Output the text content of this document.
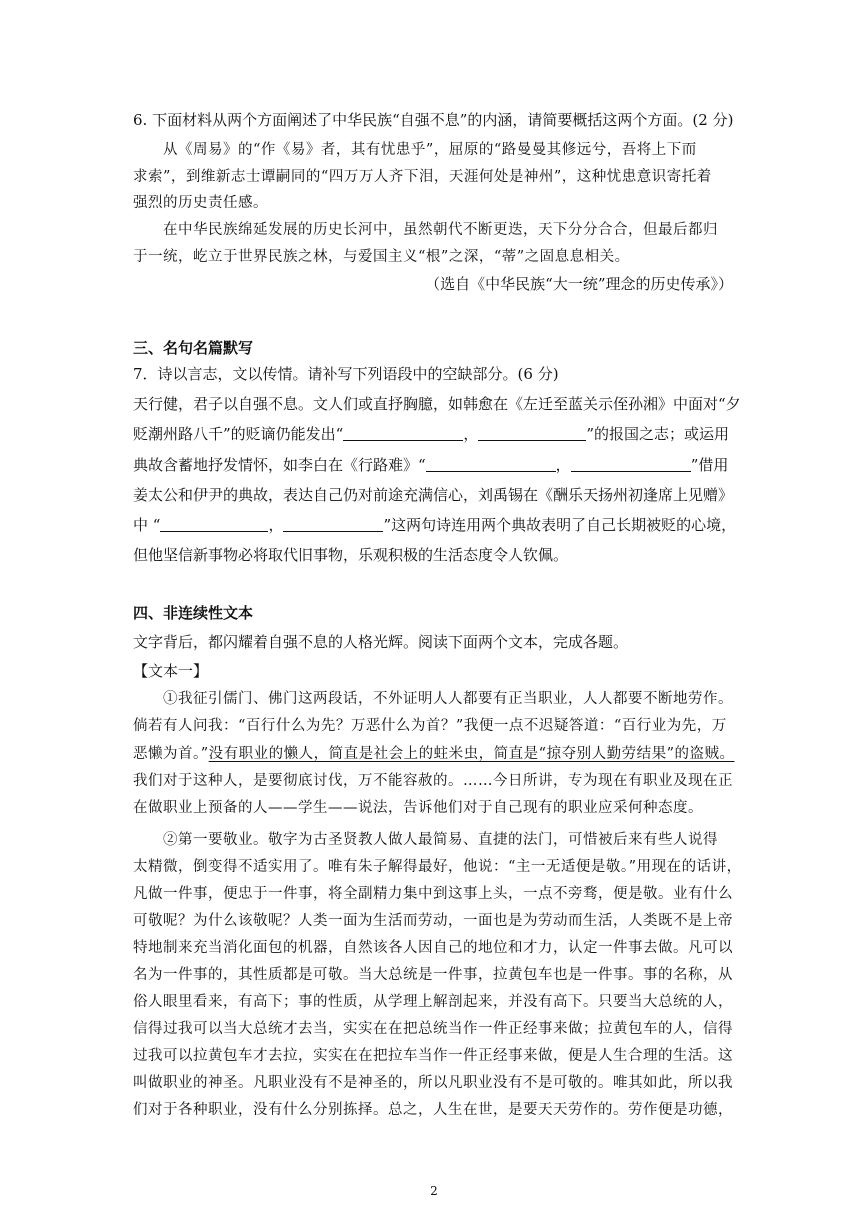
6. 下面材料从两个方面阐述了中华民族“自强不息”的内涵，请简要概括这两个方面。(2 分)
从《周易》的“作《易》者，其有忧患乎”，屈原的“路曼曼其修远兮，吾将上下而
求索”，到维新志士谭嗣同的“四万万人齐下泪，天涯何处是神州”，这种忧患意识寄托着
强烈的历史责任感。
在中华民族绵延发展的历史长河中，虽然朝代不断更迭，天下分分合合，但最后都归
于一统，屹立于世界民族之林，与爱国主义“根”之深，“蒂”之固息息相关。
（选自《中华民族“大一统”理念的历史传承》）
三、名句名篇默写
7．诗以言志，文以传情。请补写下列语段中的空缺部分。(6 分)
天行健，君子以自强不息。文人们或直抒胸臆，如韩愈在《左迁至蓝关示侄孙湘》中面对“夕
贬潮州路八千”的贬谪仍能发出“	，	”的报国之志；或运用
典故含蓄地抒发情怀，如李白在《行路难》“	，	”借用
姜太公和伊尹的典故，表达自己仍对前途充满信心，刘禹锡在《酬乐天扬州初逢席上见赠》
中 “	，	”这两句诗连用两个典故表明了自己长期被贬的心境，
但他坚信新事物必将取代旧事物，乐观积极的生活态度令人钦佩。
四、非连续性文本
文字背后，都闪耀着自强不息的人格光辉。阅读下面两个文本，完成各题。
【文本一】
①我征引儒门、佛门这两段话，不外证明人人都要有正当职业，人人都要不断地劳作。
倘若有人问我：“百行什么为先？万恶什么为首？”我便一点不迟疑答道：“百行业为先，万
恶懒为首。”没有职业的懒人，简直是社会上的蛀米虫，简直是“掠夺别人勤劳结果”的盗贼。
我们对于这种人，是要彻底讨伐，万不能容赦的。……今日所讲，专为现在有职业及现在正
在做职业上预备的人——学生——说法，告诉他们对于自己现有的职业应采何种态度。
②第一要敬业。敬字为古圣贤教人做人最简易、直捷的法门，可惜被后来有些人说得
太精微，倒变得不适实用了。唯有朱子解得最好，他说：“主一无适便是敬。”用现在的话讲，
凡做一件事，便忠于一件事，将全副精力集中到这事上头，一点不旁骛，便是敬。业有什么
可敬呢？为什么该敬呢？人类一面为生活而劳动，一面也是为劳动而生活，人类既不是上帝
特地制来充当消化面包的机器，自然该各人因自己的地位和才力，认定一件事去做。凡可以
名为一件事的，其性质都是可敬。当大总统是一件事，拉黄包车也是一件事。事的名称，从
俗人眼里看来，有高下；事的性质，从学理上解剖起来，并没有高下。只要当大总统的人，
信得过我可以当大总统才去当，实实在在把总统当作一件正经事来做；拉黄包车的人，信得
过我可以拉黄包车才去拉，实实在在把拉车当作一件正经事来做，便是人生合理的生活。这
叫做职业的神圣。凡职业没有不是神圣的，所以凡职业没有不是可敬的。唯其如此，所以我
们对于各种职业，没有什么分别拣择。总之，人生在世，是要天天劳作的。劳作便是功德，
2
